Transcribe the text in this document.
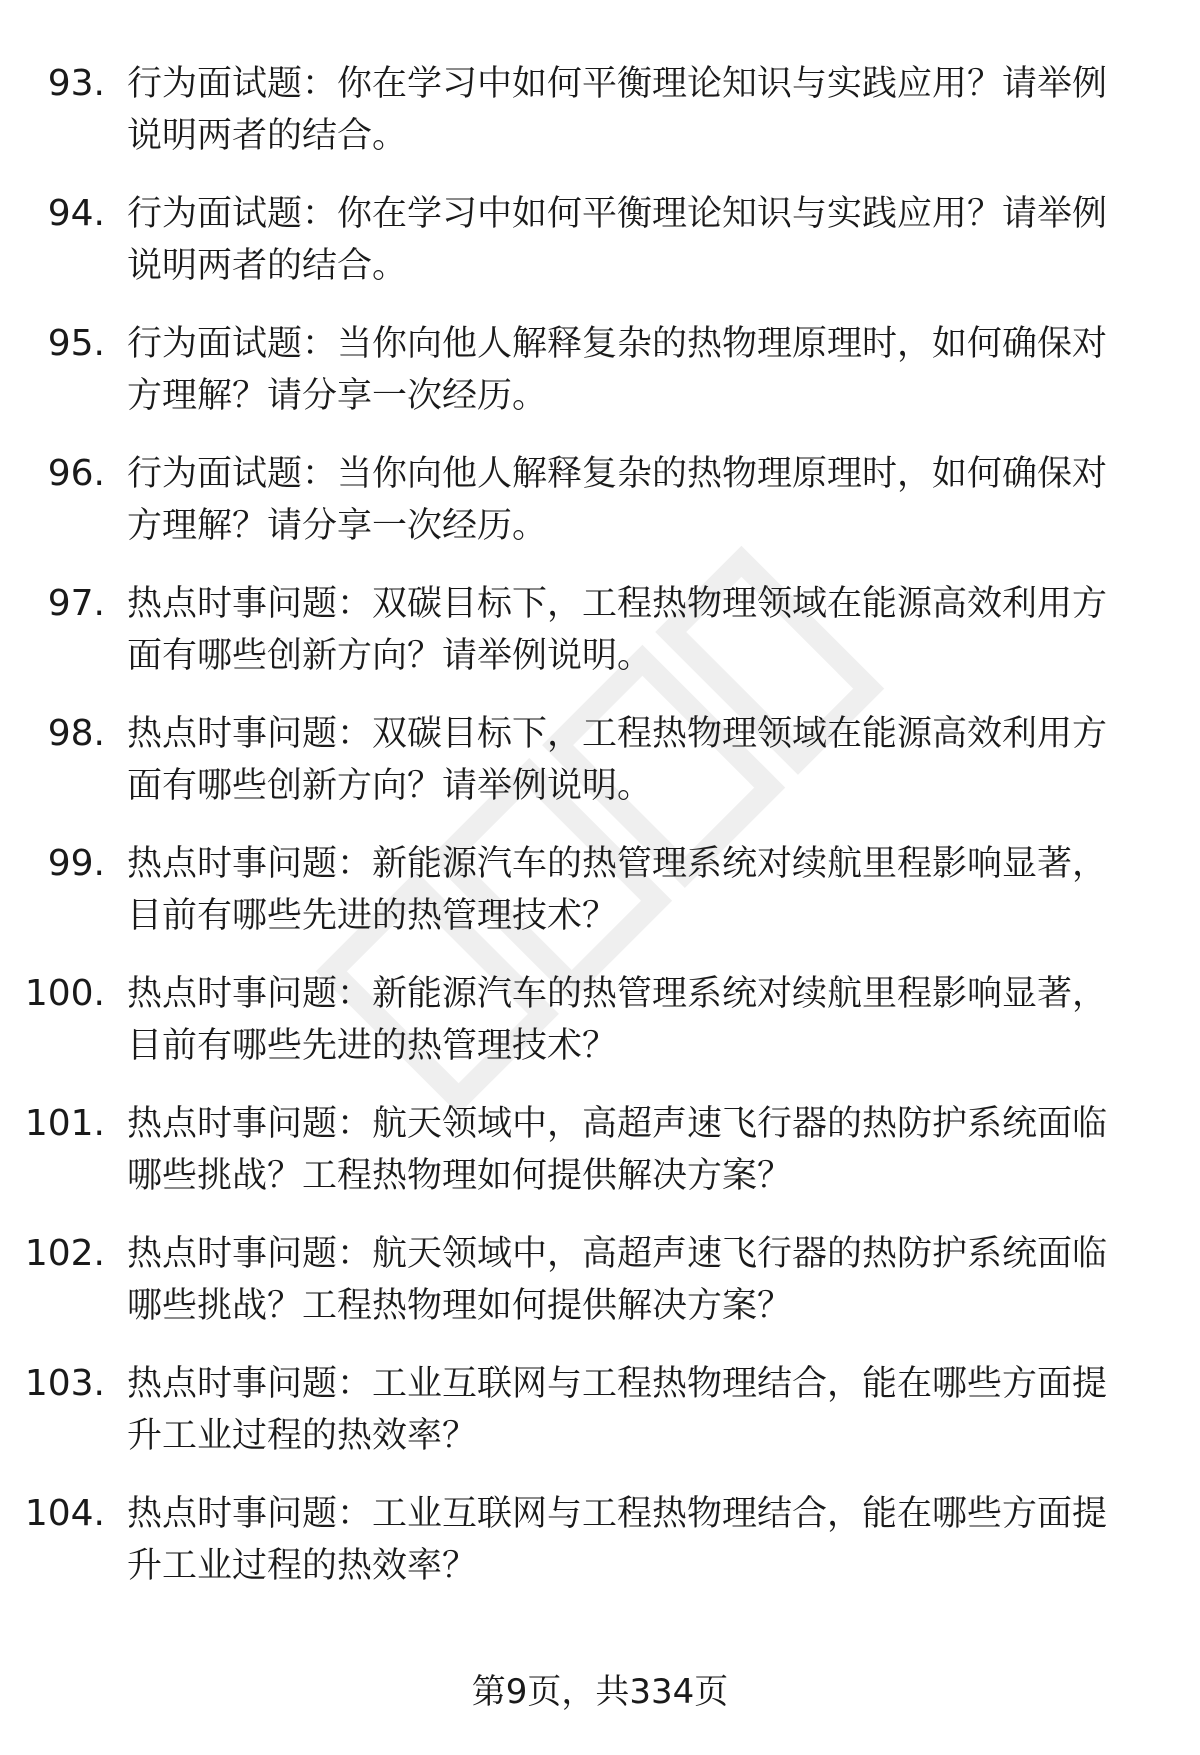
93. 行为面试题：你在学习中如何平衡理论知识与实践应用？请举例说明两者的结合。
94. 行为面试题：你在学习中如何平衡理论知识与实践应用？请举例说明两者的结合。
95. 行为面试题：当你向他人解释复杂的热物理原理时，如何确保对方理解？请分享一次经历。
96. 行为面试题：当你向他人解释复杂的热物理原理时，如何确保对方理解？请分享一次经历。
97. 热点时事问题：双碳目标下，工程热物理领域在能源高效利用方面有哪些创新方向？请举例说明。
98. 热点时事问题：双碳目标下，工程热物理领域在能源高效利用方面有哪些创新方向？请举例说明。
99. 热点时事问题：新能源汽车的热管理系统对续航里程影响显著，目前有哪些先进的热管理技术？
100. 热点时事问题：新能源汽车的热管理系统对续航里程影响显著，目前有哪些先进的热管理技术？
101. 热点时事问题：航天领域中，高超声速飞行器的热防护系统面临哪些挑战？工程热物理如何提供解决方案？
102. 热点时事问题：航天领域中，高超声速飞行器的热防护系统面临哪些挑战？工程热物理如何提供解决方案？
103. 热点时事问题：工业互联网与工程热物理结合，能在哪些方面提升工业过程的热效率？
104. 热点时事问题：工业互联网与工程热物理结合，能在哪些方面提升工业过程的热效率？
第9页，共334页
